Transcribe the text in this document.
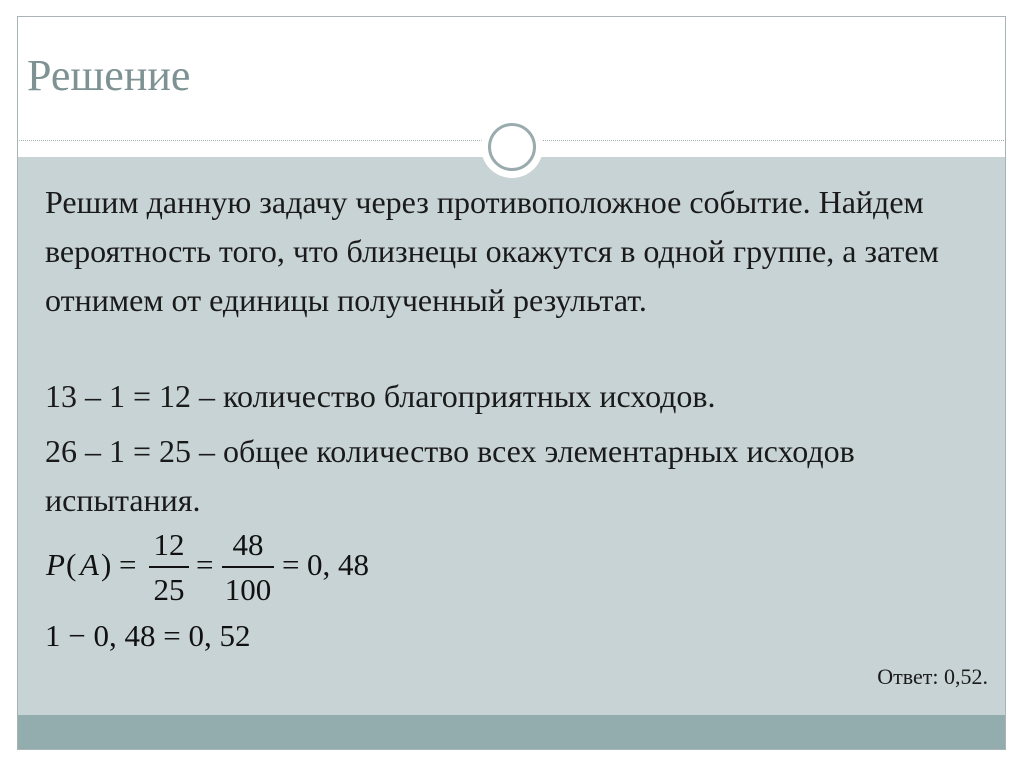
Решение

Решим данную задачу через противоположное событие. Найдем вероятность того, что близнецы окажутся в одной группе, а затем отнимем от единицы полученный результат.

13 – 1 = 12 – количество благоприятных исходов.

26 – 1 = 25 – общее количество всех элементарных исходов испытания.

P ( A ) =
12
25
=
48
100
= 0, 48
1 − 0, 48 = 0, 52
Ответ: 0,52.
